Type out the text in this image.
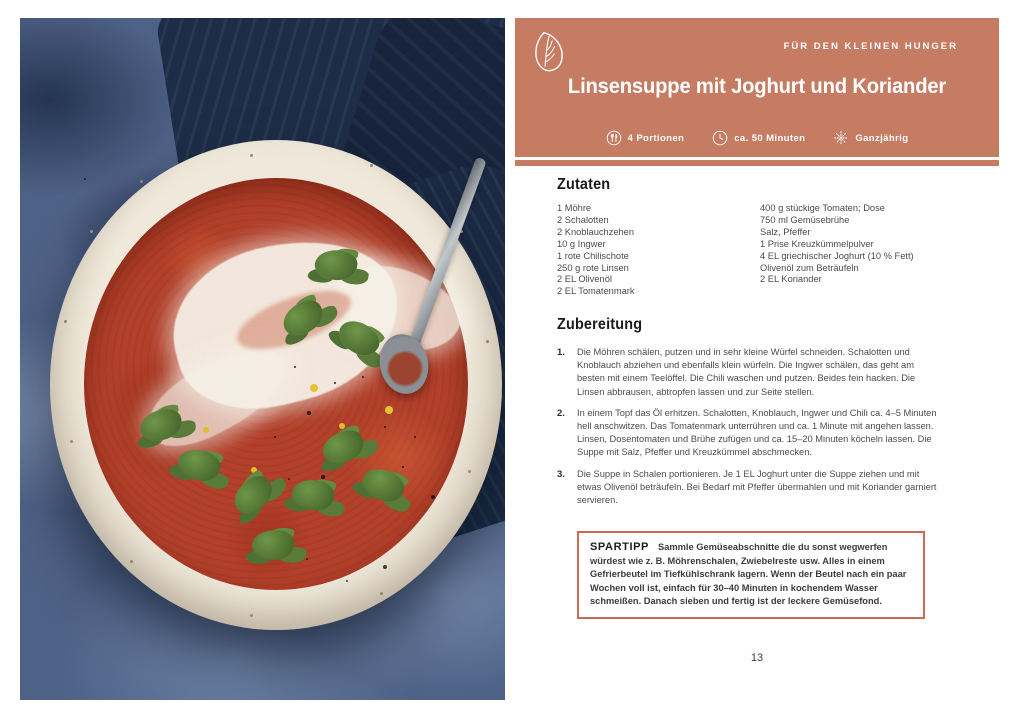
FÜR DEN KLEINEN HUNGER
Linsensuppe mit Joghurt und Koriander
4 Portionen	ca. 50 Minuten	Ganzjährig
Zutaten
1 Möhre
2 Schalotten
2 Knoblauchzehen
10 g Ingwer
1 rote Chilischote
250 g rote Linsen
2 EL Olivenöl
2 EL Tomatenmark
400 g stückige Tomaten; Dose
750 ml Gemüsebrühe
Salz, Pfeffer
1 Prise Kreuzkümmelpulver
4 EL griechischer Joghurt (10 % Fett)
Olivenöl zum Beträufeln
2 EL Koriander
Zubereitung
1.	Die Möhren schälen, putzen und in sehr kleine Würfel schneiden. Schalotten und Knoblauch abziehen und ebenfalls klein würfeln. Die Ingwer schälen, das geht am besten mit einem Teelöffel. Die Chili waschen und putzen. Beides fein hacken. Die Linsen abbrausen, abtropfen lassen und zur Seite stellen.

2.	In einem Topf das Öl erhitzen. Schalotten, Knoblauch, Ingwer und Chili ca. 4–5 Minuten hell anschwitzen. Das Tomatenmark unterrühren und ca. 1 Minute mit angehen lassen. Linsen, Dosentomaten und Brühe zufügen und ca. 15–20 Minuten köcheln lassen. Die Suppe mit Salz, Pfeffer und Kreuzkümmel abschmecken.

3.	Die Suppe in Schalen portionieren. Je 1 EL Joghurt unter die Suppe ziehen und mit etwas Olivenöl beträufeln. Bei Bedarf mit Pfeffer übermahlen und mit Koriander garniert servieren.

SPARTIPP Sammle Gemüseabschnitte die du sonst wegwerfen würdest wie z. B. Möhrenschalen, Zwiebelreste usw. Alles in einem Gefrierbeutel im Tiefkühlschrank lagern. Wenn der Beutel nach ein paar Wochen voll ist, einfach für 30–40 Minuten in kochendem Wasser schmeißen. Danach sieben und fertig ist der leckere Gemüsefond.

13
